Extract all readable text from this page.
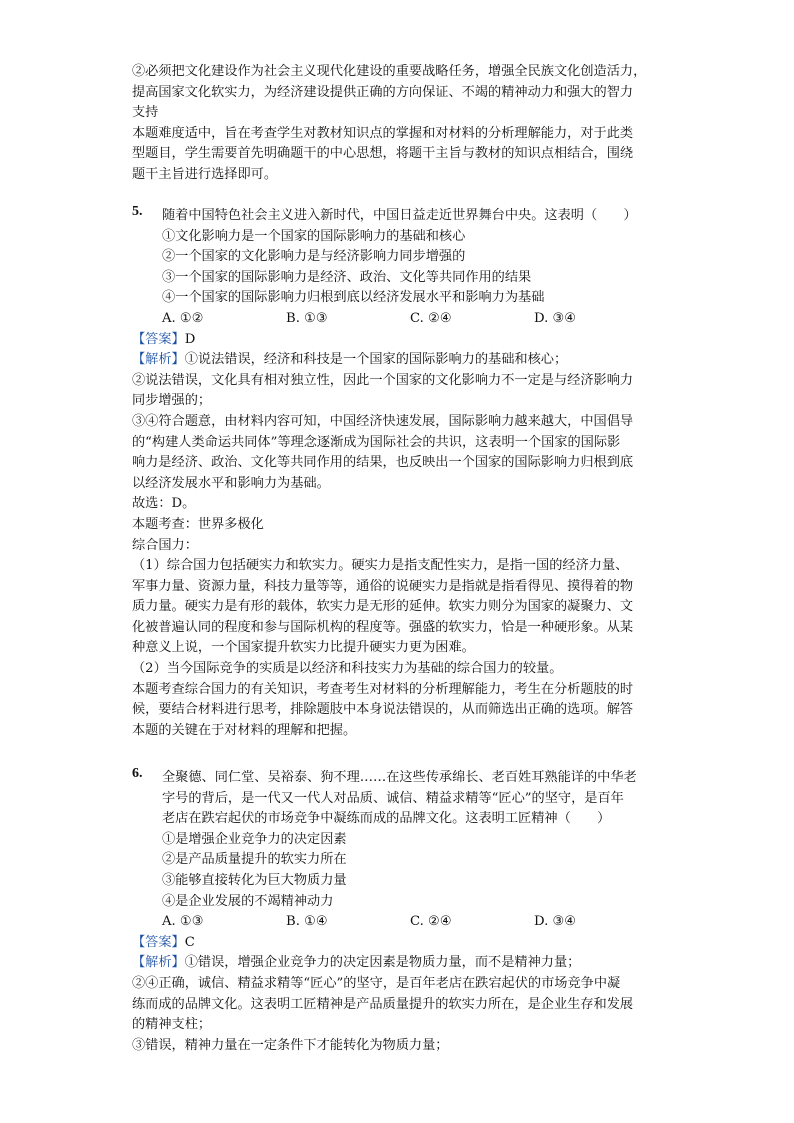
②必须把文化建设作为社会主义现代化建设的重要战略任务，增强全民族文化创造活力，
提高国家文化软实力，为经济建设提供正确的方向保证、不竭的精神动力和强大的智力
支持
本题难度适中，旨在考查学生对教材知识点的掌握和对材料的分析理解能力，对于此类
型题目，学生需要首先明确题干的中心思想，将题干主旨与教材的知识点相结合，围绕
题干主旨进行选择即可。
5.	随着中国特色社会主义进入新时代，中国日益走近世界舞台中央。这表明（　　）
①文化影响力是一个国家的国际影响力的基础和核心
②一个国家的文化影响力是与经济影响力同步增强的
③一个国家的国际影响力是经济、政治、文化等共同作用的结果
④一个国家的国际影响力归根到底以经济发展水平和影响力为基础
A. ①②	B. ①③	C. ②④	D. ③④
【答案】D
【解析】①说法错误，经济和科技是一个国家的国际影响力的基础和核心；
②说法错误，文化具有相对独立性，因此一个国家的文化影响力不一定是与经济影响力
同步增强的；
③④符合题意，由材料内容可知，中国经济快速发展，国际影响力越来越大，中国倡导
的“构建人类命运共同体”等理念逐渐成为国际社会的共识，这表明一个国家的国际影
响力是经济、政治、文化等共同作用的结果，也反映出一个国家的国际影响力归根到底
以经济发展水平和影响力为基础。
故选：D。
本题考查：世界多极化
综合国力：
（1）综合国力包括硬实力和软实力。硬实力是指支配性实力，是指一国的经济力量、
军事力量、资源力量，科技力量等等，通俗的说硬实力是指就是指看得见、摸得着的物
质力量。硬实力是有形的载体，软实力是无形的延伸。软实力则分为国家的凝聚力、文
化被普遍认同的程度和参与国际机构的程度等。强盛的软实力，恰是一种硬形象。从某
种意义上说，一个国家提升软实力比提升硬实力更为困难。
（2）当今国际竞争的实质是以经济和科技实力为基础的综合国力的较量。
本题考查综合国力的有关知识，考查考生对材料的分析理解能力，考生在分析题肢的时
候，要结合材料进行思考，排除题肢中本身说法错误的，从而筛选出正确的选项。解答
本题的关键在于对材料的理解和把握。
6.	全聚德、同仁堂、吴裕泰、狗不理……在这些传承绵长、老百姓耳熟能详的中华老
字号的背后，是一代又一代人对品质、诚信、精益求精等“匠心”的坚守，是百年
老店在跌宕起伏的市场竞争中凝练而成的品牌文化。这表明工匠精神（　　）
①是增强企业竞争力的决定因素
②是产品质量提升的软实力所在
③能够直接转化为巨大物质力量
④是企业发展的不竭精神动力
A. ①③	B. ①④	C. ②④	D. ③④
【答案】C
【解析】①错误，增强企业竞争力的决定因素是物质力量，而不是精神力量；
②④正确，诚信、精益求精等“匠心”的坚守，是百年老店在跌宕起伏的市场竞争中凝
练而成的品牌文化。这表明工匠精神是产品质量提升的软实力所在，是企业生存和发展
的精神支柱；
③错误，精神力量在一定条件下才能转化为物质力量；
